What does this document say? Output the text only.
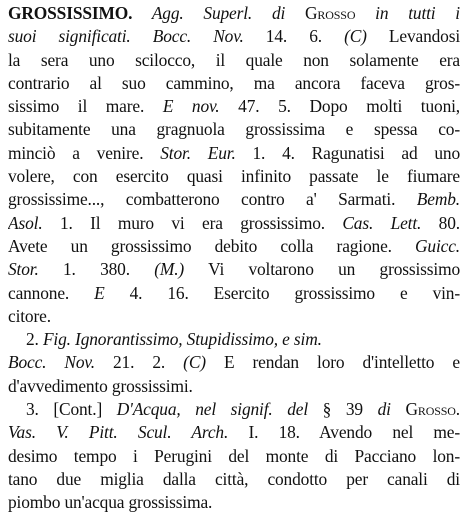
GROSSISSIMO. Agg. Superl. di Grosso in tutti i
suoi significati. Bocc. Nov. 14. 6. (C) Levandosi
la sera uno scilocco, il quale non solamente era
contrario al suo cammino, ma ancora faceva gros-
sissimo il mare. E nov. 47. 5. Dopo molti tuoni,
subitamente una gragnuola grossissima e spessa co-
minciò a venire. Stor. Eur. 1. 4. Ragunatisi ad uno
volere, con esercito quasi infinito passate le fiumare
grossissime..., combatterono contro a' Sarmati. Bemb.
Asol. 1. Il muro vi era grossissimo. Cas. Lett. 80.
Avete un grossissimo debito colla ragione. Guicc.
Stor. 1. 380. (M.) Vi voltarono un grossissimo
cannone. E 4. 16. Esercito grossissimo e vin-
citore.
2. Fig. Ignorantissimo, Stupidissimo, e sim.
Bocc. Nov. 21. 2. (C) E rendan loro d'intelletto e
d'avvedimento grossissimi.
3. [Cont.] D'Acqua, nel signif. del § 39 di Grosso.
Vas. V. Pitt. Scul. Arch. I. 18. Avendo nel me-
desimo tempo i Perugini del monte di Pacciano lon-
tano due miglia dalla città, condotto per canali di
piombo un'acqua grossissima.
